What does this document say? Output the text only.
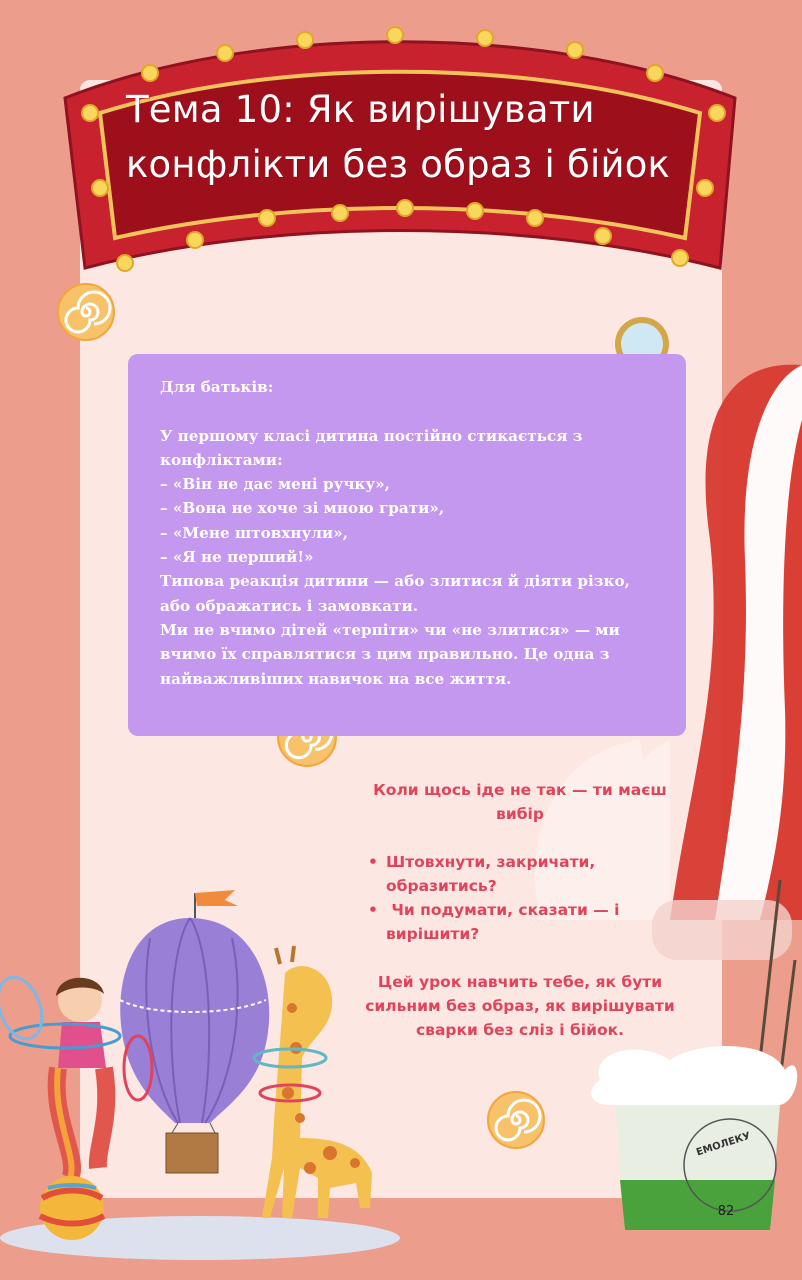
ЕМОЛЕКУ
Тема 10: Як вирішувати
конфлікти без образ і бійок
Для батьків:
У першому класі дитина постійно стикається з
конфліктами:
– «Він не дає мені ручку»,
– «Вона не хоче зі мною грати»,
– «Мене штовхнули»,
– «Я не перший!»
Типова реакція дитини — або злитися й діяти різко,
або ображатись і замовкати.
Ми не вчимо дітей «терпіти» чи «не злитися» — ми
вчимо їх справлятися з цим правильно. Це одна з
найважливіших навичок на все життя.
Коли щось іде не так — ти маєш
вибір
• Штовхнути, закричати,
образитись?
•  Чи подумати, сказати — і
вирішити?
Цей урок навчить тебе, як бути
сильним без образ, як вирішувати
сварки без сліз і бійок.
82
